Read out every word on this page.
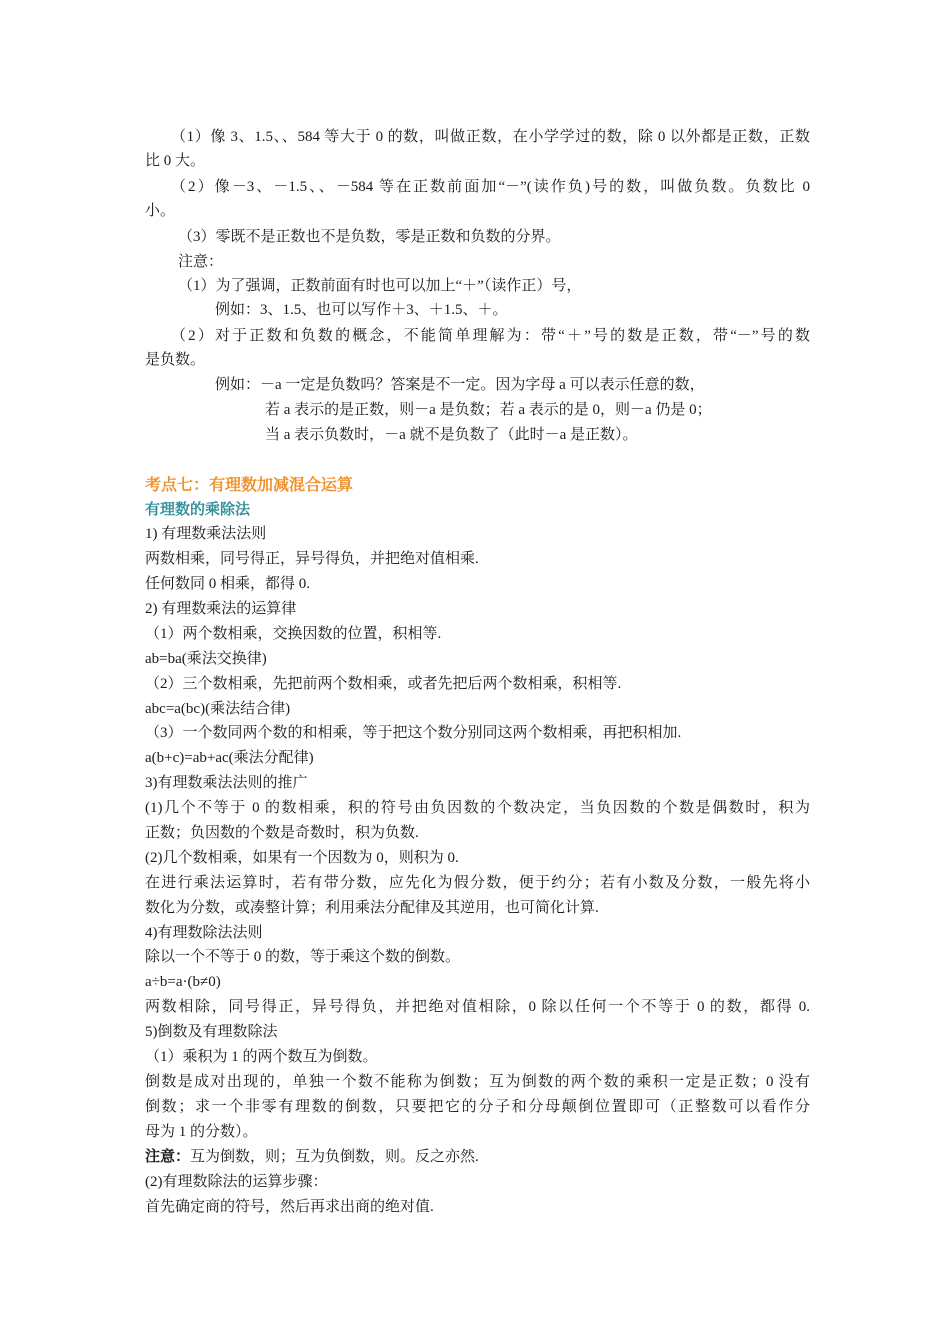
（1）像 3、1.5、、584 等大于 0 的数，叫做正数，在小学学过的数，除 0 以外都是正数，正数
比 0 大。
（2）像－3、－1.5、、－584 等在正数前面加“－”(读作负)号的数，叫做负数。负数比 0
小。
（3）零既不是正数也不是负数，零是正数和负数的分界。
注意：
（1）为了强调，正数前面有时也可以加上“＋”（读作正）号，
例如：3、1.5、也可以写作＋3、＋1.5、＋。
（2）对于正数和负数的概念，不能简单理解为：带“＋”号的数是正数，带“－”号的数
是负数。
例如：－a 一定是负数吗？答案是不一定。因为字母 a 可以表示任意的数，
若 a 表示的是正数，则－a 是负数；若 a 表示的是 0，则－a 仍是 0；
当 a 表示负数时，－a 就不是负数了（此时－a 是正数）。
考点七：有理数加减混合运算
有理数的乘除法
1) 有理数乘法法则
两数相乘，同号得正，异号得负，并把绝对值相乘.
任何数同 0 相乘，都得 0.
2) 有理数乘法的运算律
（1）两个数相乘，交换因数的位置，积相等.
ab=ba(乘法交换律)
（2）三个数相乘，先把前两个数相乘，或者先把后两个数相乘，积相等.
abc=a(bc)(乘法结合律)
（3）一个数同两个数的和相乘，等于把这个数分别同这两个数相乘，再把积相加.
a(b+c)=ab+ac(乘法分配律)
3)有理数乘法法则的推广
(1)几个不等于 0 的数相乘，积的符号由负因数的个数决定，当负因数的个数是偶数时，积为
正数；负因数的个数是奇数时，积为负数.
(2)几个数相乘，如果有一个因数为 0，则积为 0.
在进行乘法运算时，若有带分数，应先化为假分数，便于约分；若有小数及分数，一般先将小
数化为分数，或凑整计算；利用乘法分配律及其逆用，也可简化计算.
4)有理数除法法则
除以一个不等于 0 的数，等于乘这个数的倒数。
a÷b=a·(b≠0)
两数相除，同号得正，异号得负，并把绝对值相除，0 除以任何一个不等于 0 的数，都得 0.
5)倒数及有理数除法
（1）乘积为 1 的两个数互为倒数。
倒数是成对出现的，单独一个数不能称为倒数；互为倒数的两个数的乘积一定是正数；0 没有
倒数；求一个非零有理数的倒数，只要把它的分子和分母颠倒位置即可（正整数可以看作分
母为 1 的分数）。
注意：互为倒数，则；互为负倒数，则。反之亦然.
(2)有理数除法的运算步骤：
首先确定商的符号，然后再求出商的绝对值.
